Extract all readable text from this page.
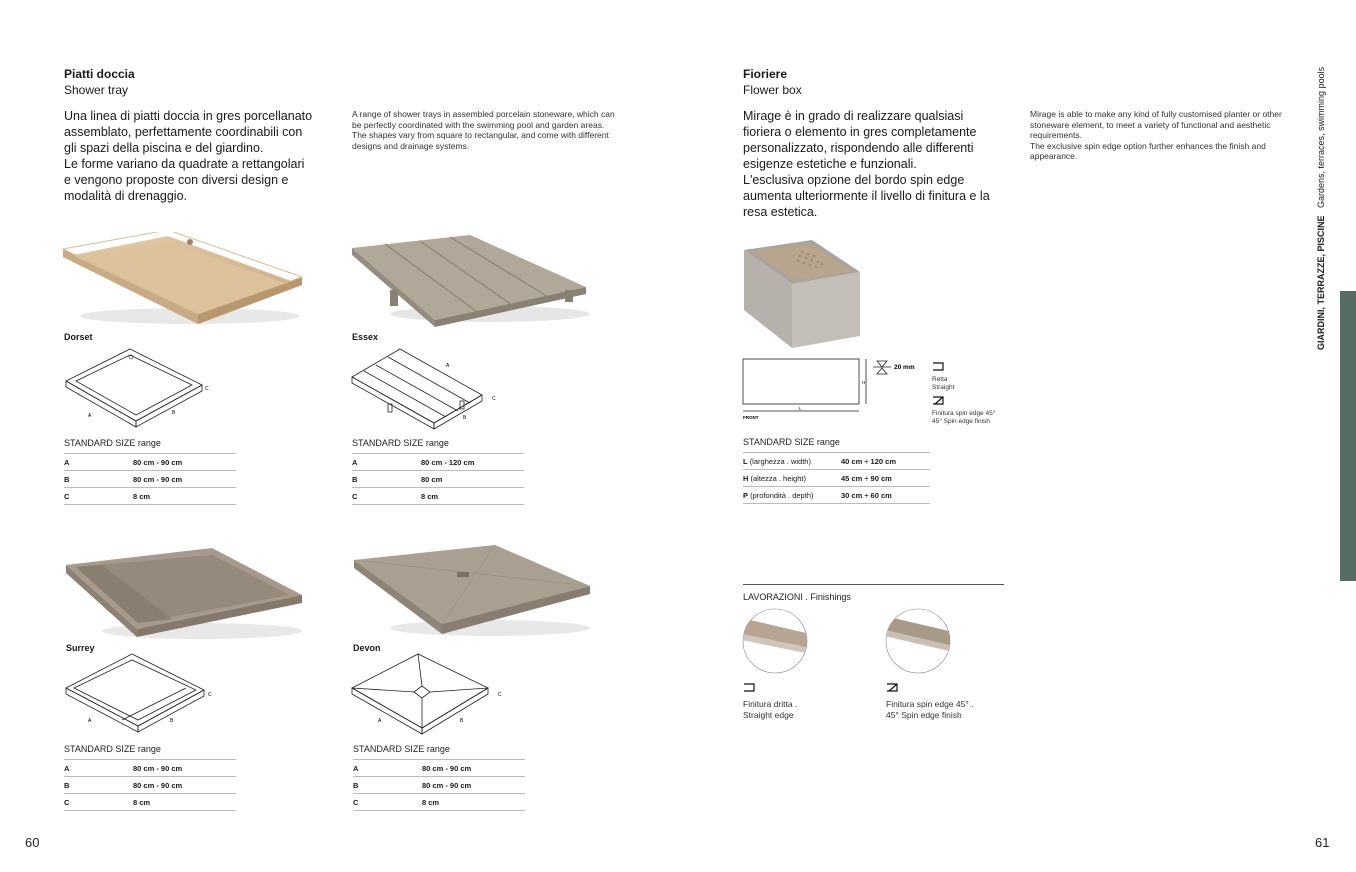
Piatti doccia
Shower tray
Una linea di piatti doccia in gres porcellanato assemblato, perfettamente coordinabili con gli spazi della piscina e del giardino.
Le forme variano da quadrate a rettangolari e vengono proposte con diversi design e modalità di drenaggio.
A range of shower trays in assembled porcelain stoneware, which can be perfectly coordinated with the swimming pool and garden areas.
The shapes vary from square to rectangular, and come with different designs and drainage systems.
Dorset	Essex
A	B
C
A
B
C
STANDARD SIZE range
A	80 cm - 90 cm
B	80 cm - 90 cm
C	8 cm
STANDARD SIZE range
A	80 cm - 120 cm
B	80 cm
C	8 cm
Surrey	Devon
A	B
C
A	B
C
STANDARD SIZE range
A	80 cm - 90 cm
B	80 cm - 90 cm
C	8 cm
STANDARD SIZE range
A	80 cm - 90 cm
B	80 cm - 90 cm
C	8 cm
60
Fioriere
Flower box
Mirage è in grado di realizzare qualsiasi fioriera o elemento in gres completamente personalizzato, rispondendo alle differenti esigenze estetiche e funzionali.
L'esclusiva opzione del bordo spin edge aumenta ulteriormente il livello di finitura e la resa estetica.
Mirage is able to make any kind of fully customised planter or other stoneware element, to meet a variety of functional and aesthetic requirements.
The exclusive spin edge option further enhances the finish and appearance.
FRONT
L
H
20 mm
Retta
Straight
Finitura spin edge 45°
45° Spin edge finish
STANDARD SIZE range
L (larghezza . width)	40 cm ÷ 120 cm
H (altezza . height)	45 cm ÷ 90 cm
P (profondità . depth)	30 cm ÷ 60 cm
LAVORAZIONI . Finishings
Finitura dritta .
Straight edge
Finitura spin edge 45° .
45° Spin edge finish
61
GIARDINI, TERRAZZE, PISCINE   Gardens, terraces, swimming pools
